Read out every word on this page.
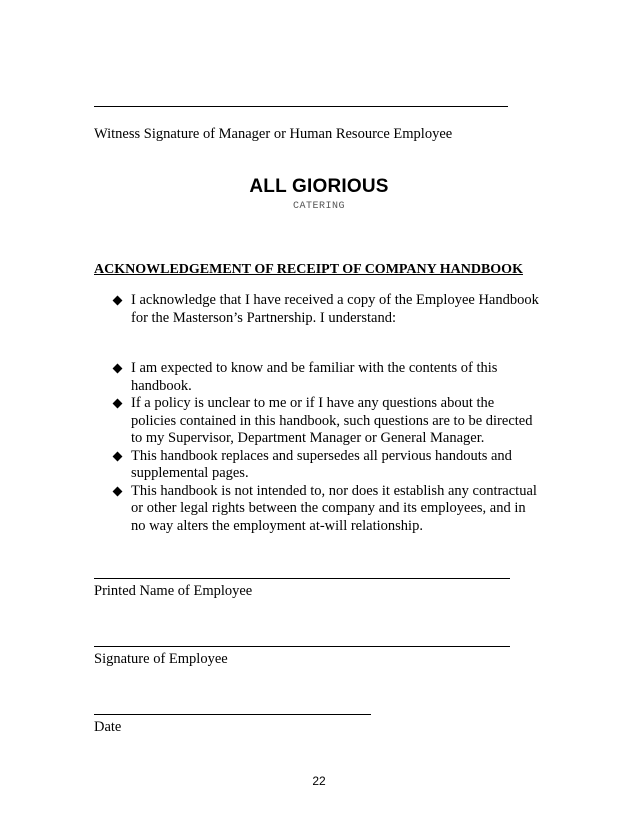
Witness Signature of Manager or Human Resource Employee
ALL GIORIOUS
CATERING
ACKNOWLEDGEMENT OF RECEIPT OF COMPANY HANDBOOK
I acknowledge that I have received a copy of the Employee Handbook
for the Masterson’s Partnership. I understand:
I am expected to know and be familiar with the contents of this
handbook.
If a policy is unclear to me or if I have any questions about the
policies contained in this handbook, such questions are to be directed
to my Supervisor, Department Manager or General Manager.
This handbook replaces and supersedes all pervious handouts and
supplemental pages.
This handbook is not intended to, nor does it establish any contractual
or other legal rights between the company and its employees, and in
no way alters the employment at-will relationship.
Printed Name of Employee
Signature of Employee
Date
22
